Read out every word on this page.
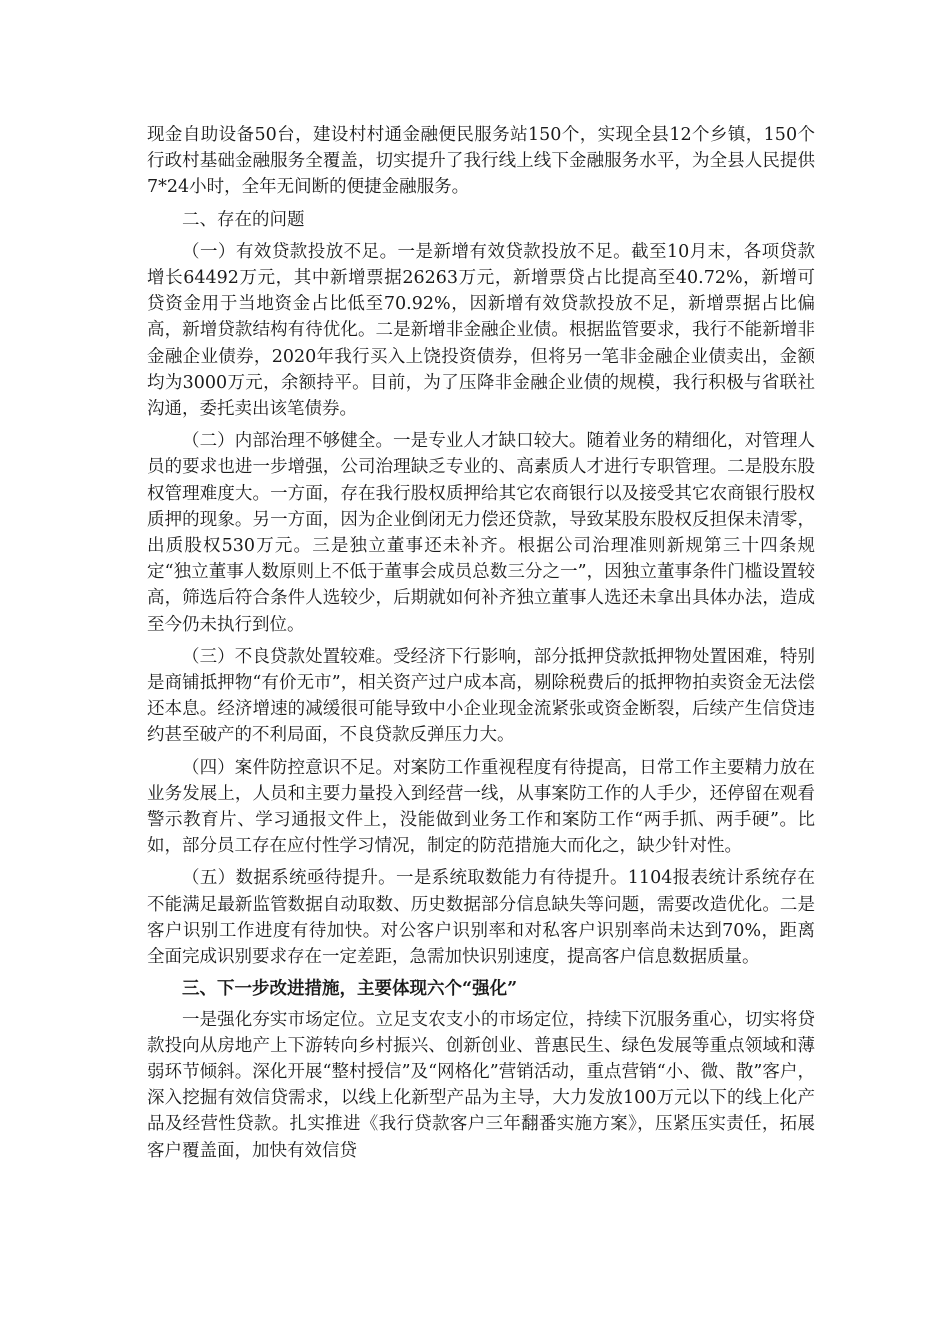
现金自助设备50台，建设村村通金融便民服务站150个，实现全县12个乡镇，150个行政村基础金融服务全覆盖，切实提升了我行线上线下金融服务水平，为全县人民提供7*24小时，全年无间断的便捷金融服务。

二、存在的问题

（一）有效贷款投放不足。一是新增有效贷款投放不足。截至10月末，各项贷款增长64492万元，其中新增票据26263万元，新增票贷占比提高至40.72%，新增可贷资金用于当地资金占比低至70.92%，因新增有效贷款投放不足，新增票据占比偏高，新增贷款结构有待优化。二是新增非金融企业债。根据监管要求，我行不能新增非金融企业债券，2020年我行买入上饶投资债券，但将另一笔非金融企业债卖出，金额均为3000万元，余额持平。目前，为了压降非金融企业债的规模，我行积极与省联社沟通，委托卖出该笔债券。

（二）内部治理不够健全。一是专业人才缺口较大。随着业务的精细化，对管理人员的要求也进一步增强，公司治理缺乏专业的、高素质人才进行专职管理。二是股东股权管理难度大。一方面，存在我行股权质押给其它农商银行以及接受其它农商银行股权质押的现象。另一方面，因为企业倒闭无力偿还贷款，导致某股东股权反担保未清零，出质股权530万元。三是独立董事还未补齐。根据公司治理准则新规第三十四条规定“独立董事人数原则上不低于董事会成员总数三分之一”，因独立董事条件门槛设置较高，筛选后符合条件人选较少，后期就如何补齐独立董事人选还未拿出具体办法，造成至今仍未执行到位。

（三）不良贷款处置较难。受经济下行影响，部分抵押贷款抵押物处置困难，特别是商铺抵押物“有价无市”，相关资产过户成本高，剔除税费后的抵押物拍卖资金无法偿还本息。经济增速的减缓很可能导致中小企业现金流紧张或资金断裂，后续产生信贷违约甚至破产的不利局面，不良贷款反弹压力大。

（四）案件防控意识不足。对案防工作重视程度有待提高，日常工作主要精力放在业务发展上，人员和主要力量投入到经营一线，从事案防工作的人手少，还停留在观看警示教育片、学习通报文件上，没能做到业务工作和案防工作“两手抓、两手硬”。比如，部分员工存在应付性学习情况，制定的防范措施大而化之，缺少针对性。

（五）数据系统亟待提升。一是系统取数能力有待提升。1104报表统计系统存在不能满足最新监管数据自动取数、历史数据部分信息缺失等问题，需要改造优化。二是客户识别工作进度有待加快。对公客户识别率和对私客户识别率尚未达到70%，距离全面完成识别要求存在一定差距，急需加快识别速度，提高客户信息数据质量。

三、下一步改进措施，主要体现六个“强化”

一是强化夯实市场定位。立足支农支小的市场定位，持续下沉服务重心，切实将贷款投向从房地产上下游转向乡村振兴、创新创业、普惠民生、绿色发展等重点领域和薄弱环节倾斜。深化开展“整村授信”及“网格化”营销活动，重点营销“小、微、散”客户，深入挖掘有效信贷需求，以线上化新型产品为主导，大力发放100万元以下的线上化产品及经营性贷款。扎实推进《我行贷款客户三年翻番实施方案》，压紧压实责任，拓展客户覆盖面，加快有效信贷
